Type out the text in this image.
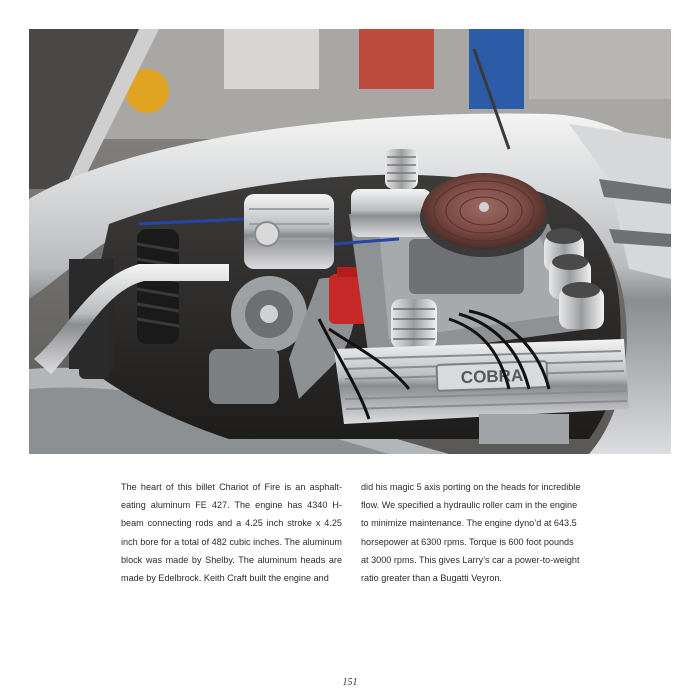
COBRA
The heart of this billet Chariot of Fire is an asphalt-eating aluminum FE 427. The engine has 4340 H-beam connecting rods and a 4.25 inch stroke x 4.25 inch bore for a total of 482 cubic inches. The aluminum block was made by Shelby. The aluminum heads are made by Edelbrock. Keith Craft built the engine and
did his magic 5 axis porting on the heads for incredible flow. We specified a hydraulic roller cam in the engine to minimize maintenance. The engine dyno’d at 643.5 horsepower at 6300 rpms. Torque is 600 foot pounds at 3000 rpms. This gives Larry’s car a power-to-weight ratio greater than a Bugatti Veyron.
151
